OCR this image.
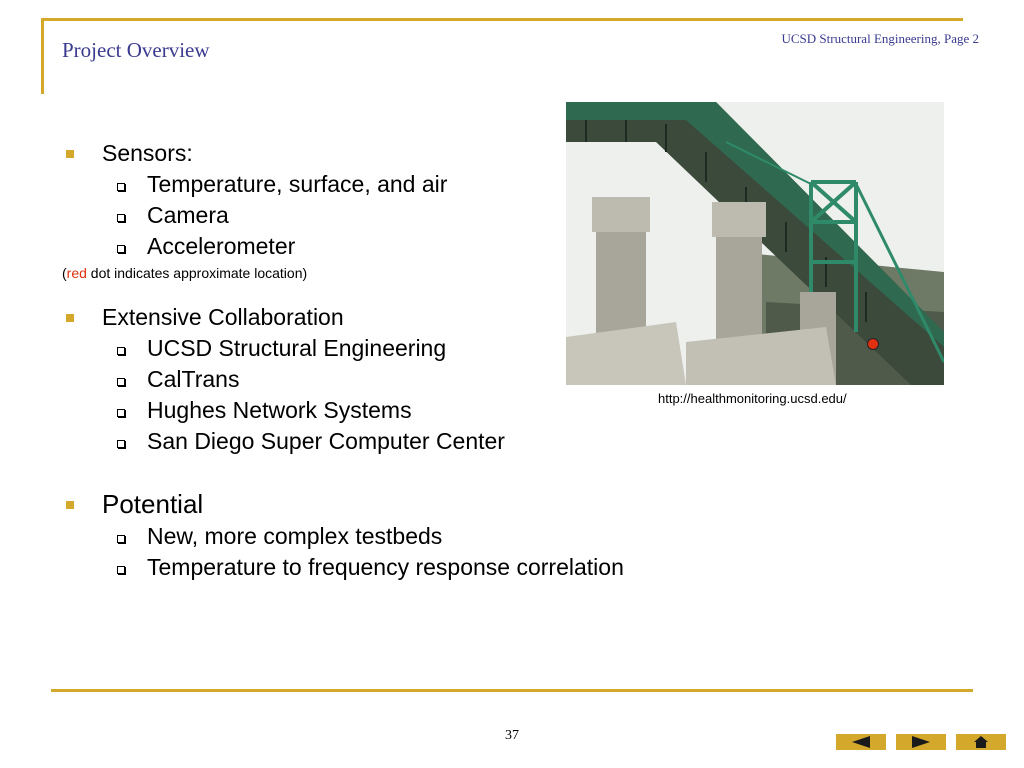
Project Overview	UCSD Structural Engineering, Page 2
Sensors:
Temperature, surface, and air
Camera
Accelerometer
(red dot indicates approximate location)
Extensive Collaboration
UCSD Structural Engineering
CalTrans
Hughes Network Systems
San Diego Super Computer Center
Potential
New, more complex testbeds
Temperature to frequency response correlation
http://healthmonitoring.ucsd.edu/
37
